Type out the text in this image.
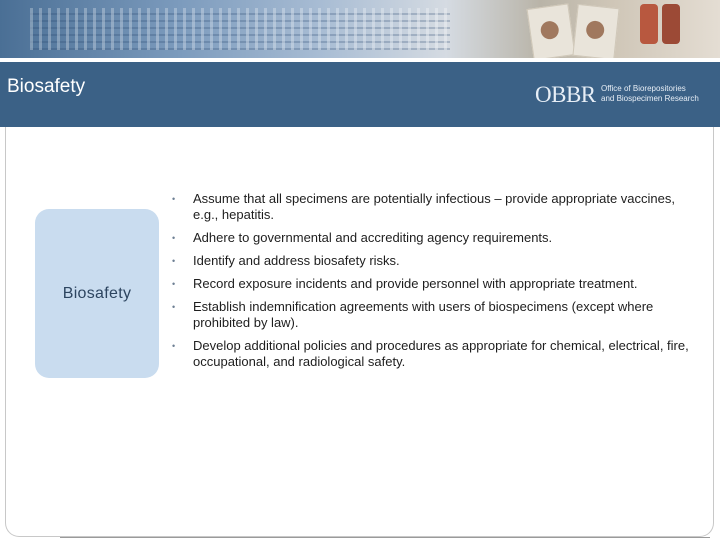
Biosafety	OBBR Office of Biorepositories
and Biospecimen Research
Biosafety
• Assume that all specimens are potentially infectious – provide appropriate vaccines, e.g., hepatitis.
• Adhere to governmental and accrediting agency requirements.
• Identify and address biosafety risks.
• Record exposure incidents and provide personnel with appropriate treatment.
• Establish indemnification agreements with users of biospecimens (except where prohibited by law).
• Develop additional policies and procedures as appropriate for chemical, electrical, fire, occupational, and radiological safety.
